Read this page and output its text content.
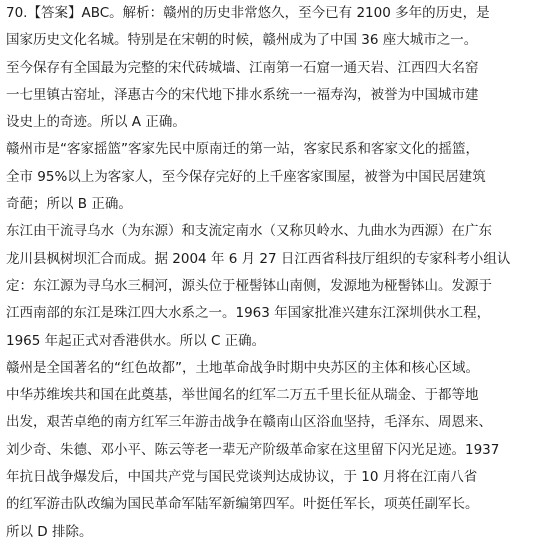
70.【答案】ABC。解析：赣州的历史非常悠久，至今已有 2100 多年的历史，是
国家历史文化名城。特别是在宋朝的时候，赣州成为了中国 36 座大城市之一。
至今保存有全国最为完整的宋代砖城墙、江南第一石窟一通天岩、江西四大名窑
一七里镇古窑址，泽惠古今的宋代地下排水系统一一福寿沟，被誉为中国城市建
设史上的奇迹。所以 A 正确。
赣州市是“客家摇篮”客家先民中原南迁的第一站，客家民系和客家文化的摇篮，
全市 95%以上为客家人，至今保存完好的上千座客家围屋，被誉为中国民居建筑
奇葩；所以 B 正确。
东江由干流寻乌水（为东源）和支流定南水（又称贝岭水、九曲水为西源）在广东
龙川县枫树坝汇合而成。据 2004 年 6 月 27 日江西省科技厅组织的专家科考小组认
定：东江源为寻乌水三桐河，源头位于桠髻钵山南侧，发源地为桠髻钵山。发源于
江西南部的东江是珠江四大水系之一。1963 年国家批准兴建东江深圳供水工程，
1965 年起正式对香港供水。所以 C 正确。
赣州是全国著名的“红色故都”，土地革命战争时期中央苏区的主体和核心区域。
中华苏维埃共和国在此奠基，举世闻名的红军二万五千里长征从瑞金、于都等地
出发，艰苦卓绝的南方红军三年游击战争在赣南山区浴血坚持，毛泽东、周恩来、
刘少奇、朱德、邓小平、陈云等老一辈无产阶级革命家在这里留下闪光足迹。1937
年抗日战争爆发后，中国共产党与国民党谈判达成协议，于 10 月将在江南八省
的红军游击队改编为国民革命军陆军新编第四军。叶挺任军长，项英任副军长。
所以 D 排除。
